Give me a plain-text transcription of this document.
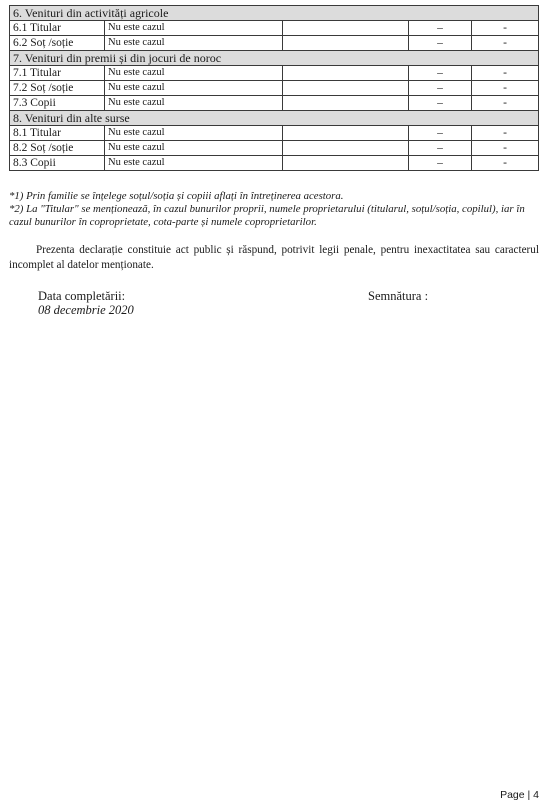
6. Venituri din activități agricole				
6.1 Titular	Nu este cazul		–	-
6.2 Soț /soție	Nu este cazul		–	-
7. Venituri din premii și din jocuri de noroc				
7.1 Titular	Nu este cazul		–	-
7.2 Soț /soție	Nu este cazul		–	-
7.3 Copii	Nu este cazul		–	-
8. Venituri din alte surse				
8.1 Titular	Nu este cazul		–	-
8.2 Soț /soție	Nu este cazul		–	-
8.3 Copii	Nu este cazul		–	-

*1) Prin familie se înțelege soțul/soția și copiii aflați în întreținerea acestora.

*2) La "Titular" se menționează, în cazul bunurilor proprii, numele proprietarului (titularul, soțul/soția, copilul), iar în cazul bunurilor în coproprietate, cota-parte și numele coproprietarilor.

Prezenta declarație constituie act public și răspund, potrivit legii penale, pentru inexactitatea sau caracterul incomplet al datelor menționate.

Data completării:
08 decembrie 2020
Semnătura :
Page | 4
